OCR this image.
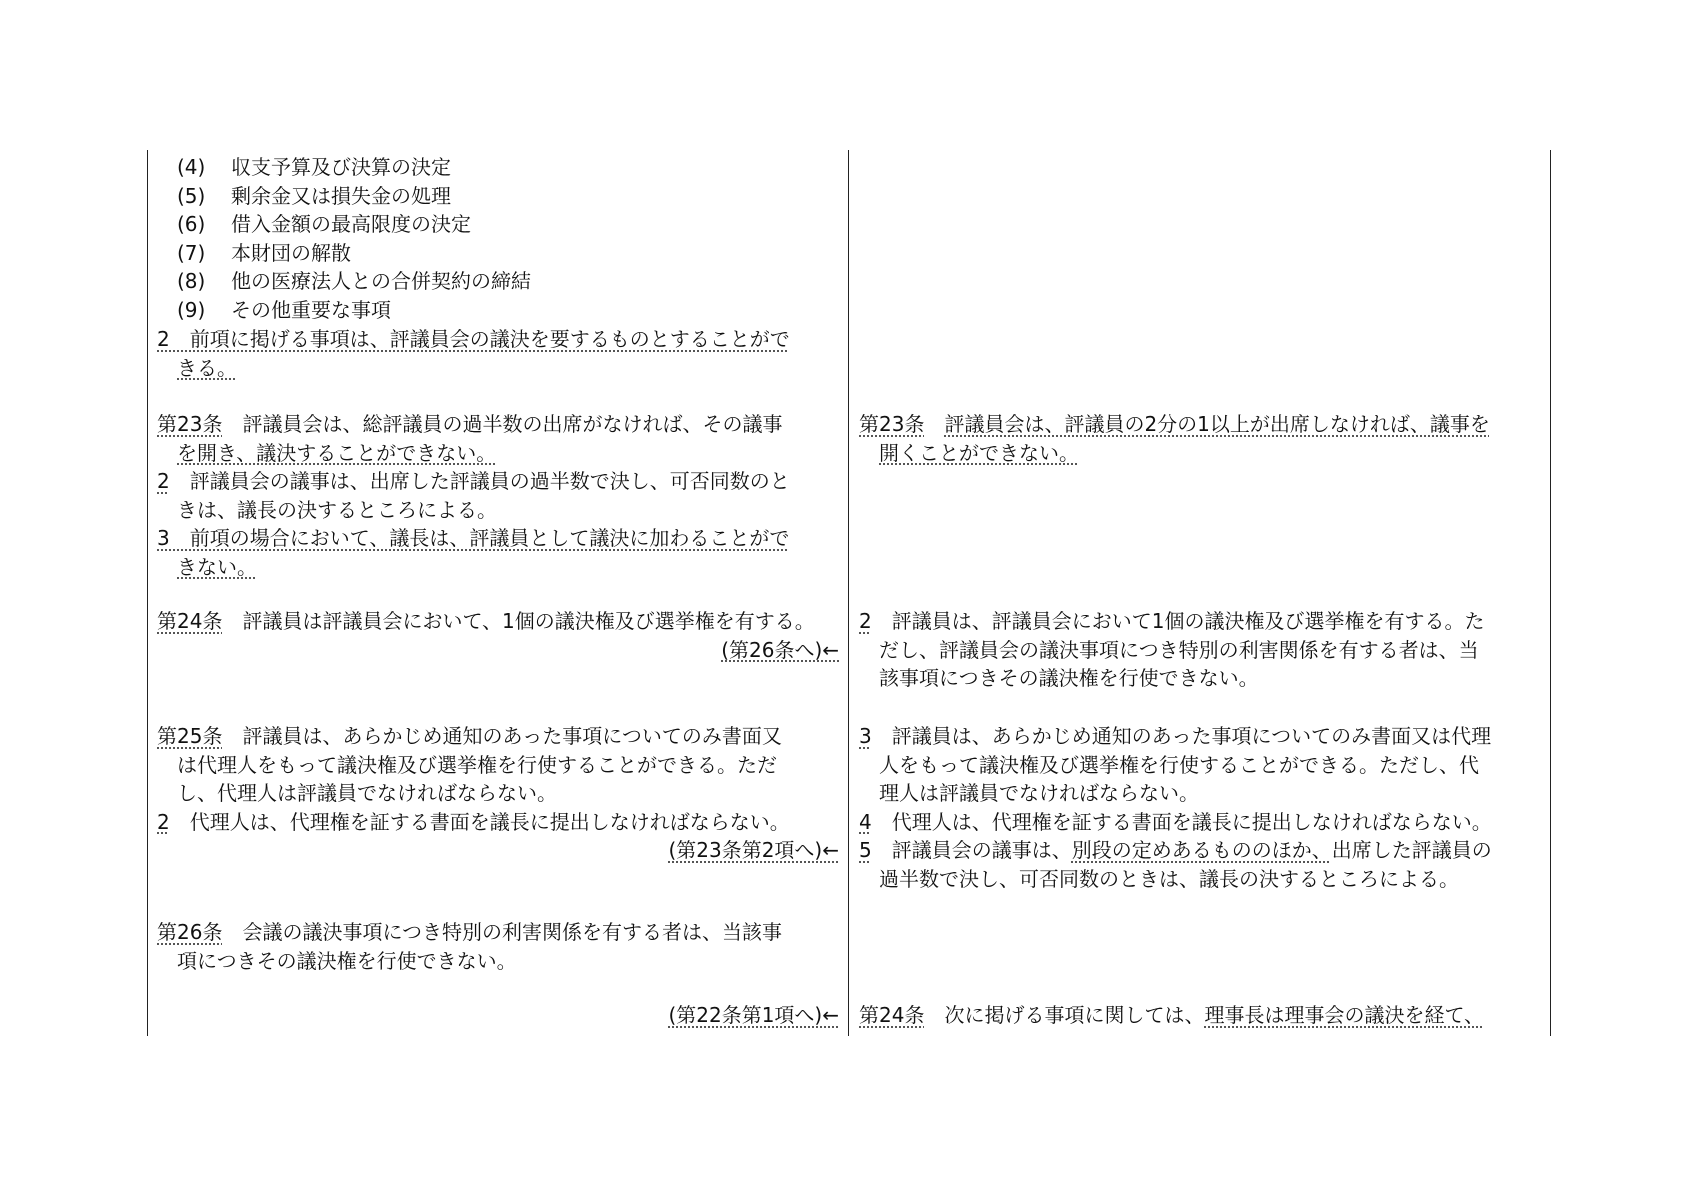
(4) 収支予算及び決算の決定

(5) 剰余金又は損失金の処理

(6) 借入金額の最高限度の決定

(7) 本財団の解散

(8) 他の医療法人との合併契約の締結

(9) その他重要な事項

2　 前項に掲げる事項は、評議員会の議決を要するものとすることがで

きる。

第23条　 評議員会は、総評議員の過半数の出席がなければ、その議事

を開き、議決することができない。

2　 評議員会の議事は、出席した評議員の過半数で決し、可否同数のと

きは、議長の決するところによる。

3　 前項の場合において、議長は、評議員として議決に加わることがで

きない。

第24条　 評議員は評議員会において、1個の議決権及び選挙権を有する。

(第26条へ)←

第25条　 評議員は、あらかじめ通知のあった事項についてのみ書面又

は代理人をもって議決権及び選挙権を行使することができる。ただ

し、代理人は評議員でなければならない。

2　 代理人は、代理権を証する書面を議長に提出しなければならない。

(第23条第2項へ)←

第26条　 会議の議決事項につき特別の利害関係を有する者は、当該事

項につきその議決権を行使できない。

(第22条第1項へ)←

第23条　 評議員会は、評議員の2分の1以上が出席しなければ、議事を

開くことができない。

2　 評議員は、評議員会において1個の議決権及び選挙権を有する。た

だし、評議員会の議決事項につき特別の利害関係を有する者は、当

該事項につきその議決権を行使できない。

3　 評議員は、あらかじめ通知のあった事項についてのみ書面又は代理

人をもって議決権及び選挙権を行使することができる。ただし、代

理人は評議員でなければならない。

4　 代理人は、代理権を証する書面を議長に提出しなければならない。

5　 評議員会の議事は、別段の定めあるもののほか、出席した評議員の

過半数で決し、可否同数のときは、議長の決するところによる。

第24条　 次に掲げる事項に関しては、理事長は理事会の議決を経て、
